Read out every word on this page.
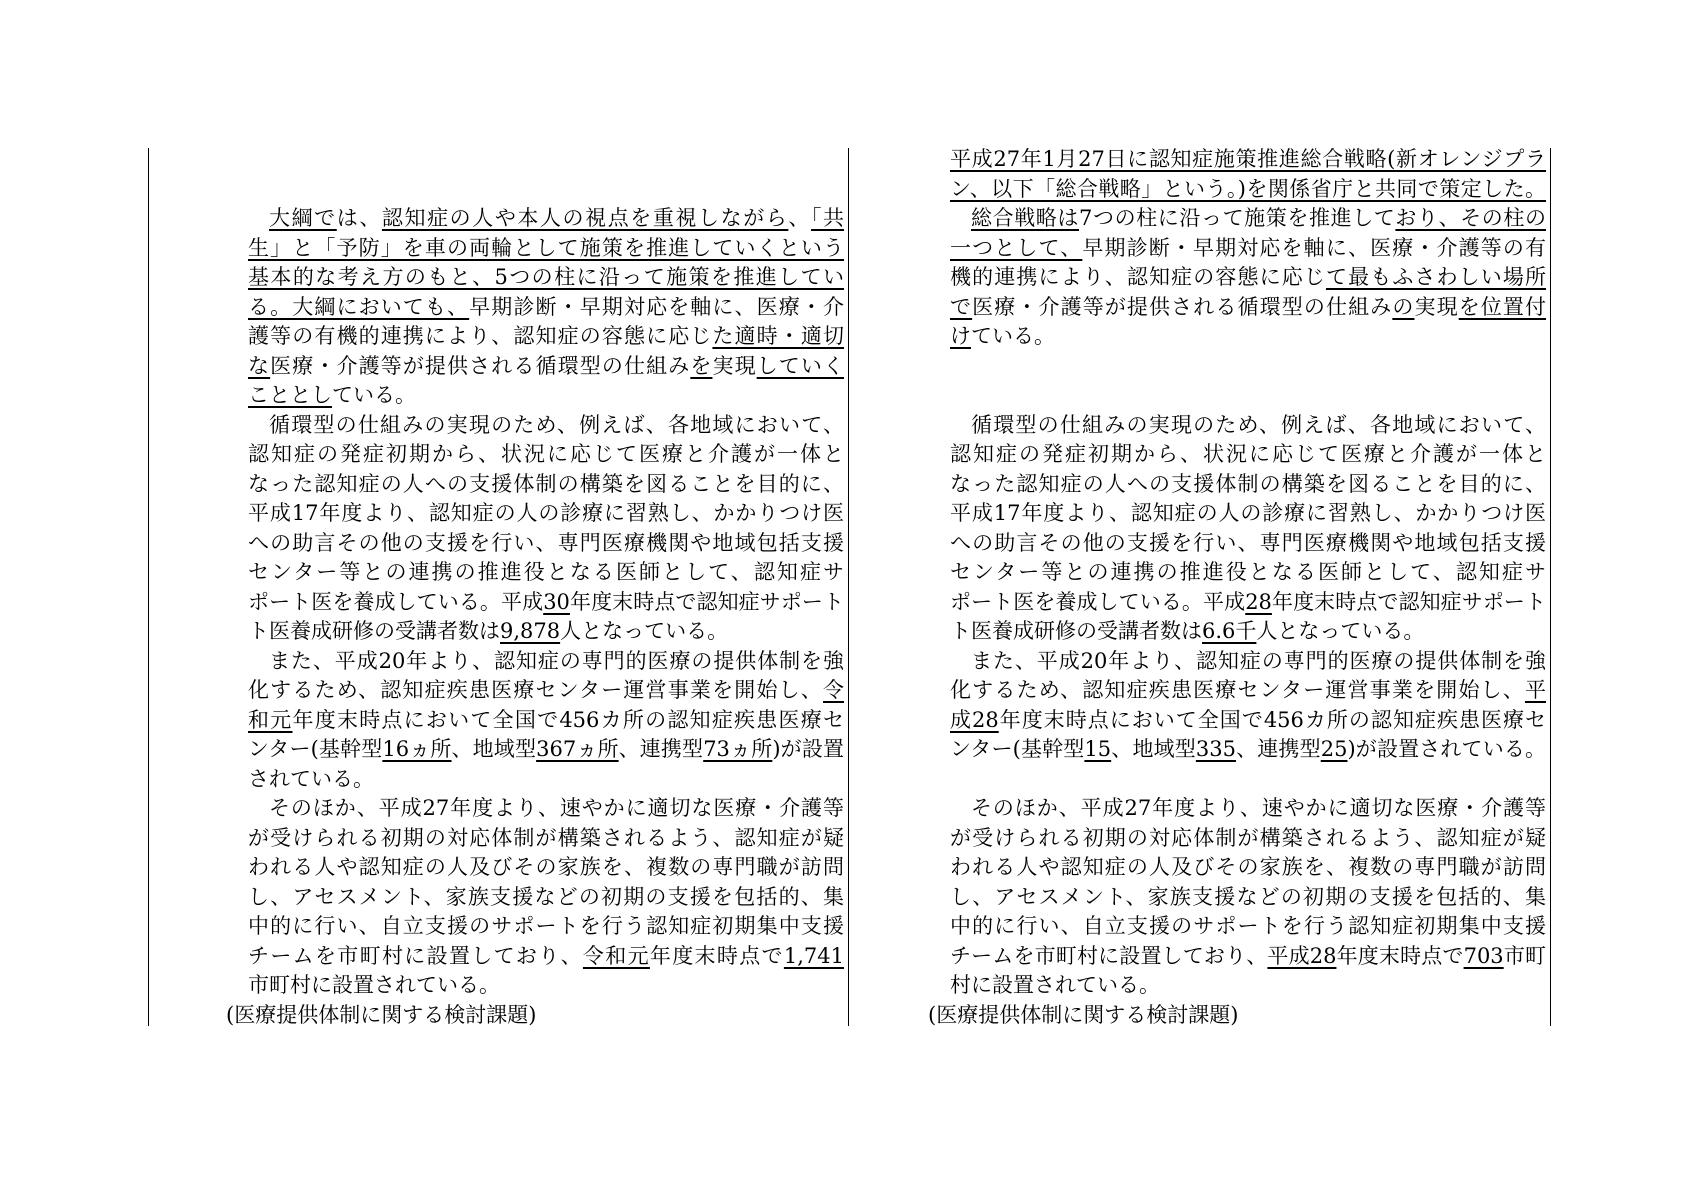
大綱では、認知症の人や本人の視点を重視しながら、「共
生」と「予防」を車の両輪として施策を推進していくという
基本的な考え方のもと、5つの柱に沿って施策を推進してい
る。大綱においても、早期診断・早期対応を軸に、医療・介
護等の有機的連携により、認知症の容態に応じた適時・適切
な医療・介護等が提供される循環型の仕組みを実現していく
こととしている。
循環型の仕組みの実現のため、例えば、各地域において、
認知症の発症初期から、状況に応じて医療と介護が一体と
なった認知症の人への支援体制の構築を図ることを目的に、
平成17年度より、認知症の人の診療に習熟し、かかりつけ医
への助言その他の支援を行い、専門医療機関や地域包括支援
センター等との連携の推進役となる医師として、認知症サ
ポート医を養成している。平成30年度末時点で認知症サポート
ト医養成研修の受講者数は9,878人となっている。
また、平成20年より、認知症の専門的医療の提供体制を強
化するため、認知症疾患医療センター運営事業を開始し、令
和元年度末時点において全国で456カ所の認知症疾患医療セ
ンター(基幹型16ヵ所、地域型367ヵ所、連携型73ヵ所)が設置
されている。
そのほか、平成27年度より、速やかに適切な医療・介護等
が受けられる初期の対応体制が構築されるよう、認知症が疑
われる人や認知症の人及びその家族を、複数の専門職が訪問
し、アセスメント、家族支援などの初期の支援を包括的、集
中的に行い、自立支援のサポートを行う認知症初期集中支援
チームを市町村に設置しており、令和元年度末時点で1,741
市町村に設置されている。
(医療提供体制に関する検討課題)
平成27年1月27日に認知症施策推進総合戦略(新オレンジプラ
ン、以下「総合戦略」という。)を関係省庁と共同で策定した。
総合戦略は7つの柱に沿って施策を推進しており、その柱の
一つとして、早期診断・早期対応を軸に、医療・介護等の有
機的連携により、認知症の容態に応じて最もふさわしい場所
で医療・介護等が提供される循環型の仕組みの実現を位置付
けている。
循環型の仕組みの実現のため、例えば、各地域において、
認知症の発症初期から、状況に応じて医療と介護が一体と
なった認知症の人への支援体制の構築を図ることを目的に、
平成17年度より、認知症の人の診療に習熟し、かかりつけ医
への助言その他の支援を行い、専門医療機関や地域包括支援
センター等との連携の推進役となる医師として、認知症サ
ポート医を養成している。平成28年度末時点で認知症サポート
ト医養成研修の受講者数は6.6千人となっている。
また、平成20年より、認知症の専門的医療の提供体制を強
化するため、認知症疾患医療センター運営事業を開始し、平
成28年度末時点において全国で456カ所の認知症疾患医療セ
ンター(基幹型15、地域型335、連携型25)が設置されている。
そのほか、平成27年度より、速やかに適切な医療・介護等
が受けられる初期の対応体制が構築されるよう、認知症が疑
われる人や認知症の人及びその家族を、複数の専門職が訪問
し、アセスメント、家族支援などの初期の支援を包括的、集
中的に行い、自立支援のサポートを行う認知症初期集中支援
チームを市町村に設置しており、平成28年度末時点で703市町
村に設置されている。
(医療提供体制に関する検討課題)
